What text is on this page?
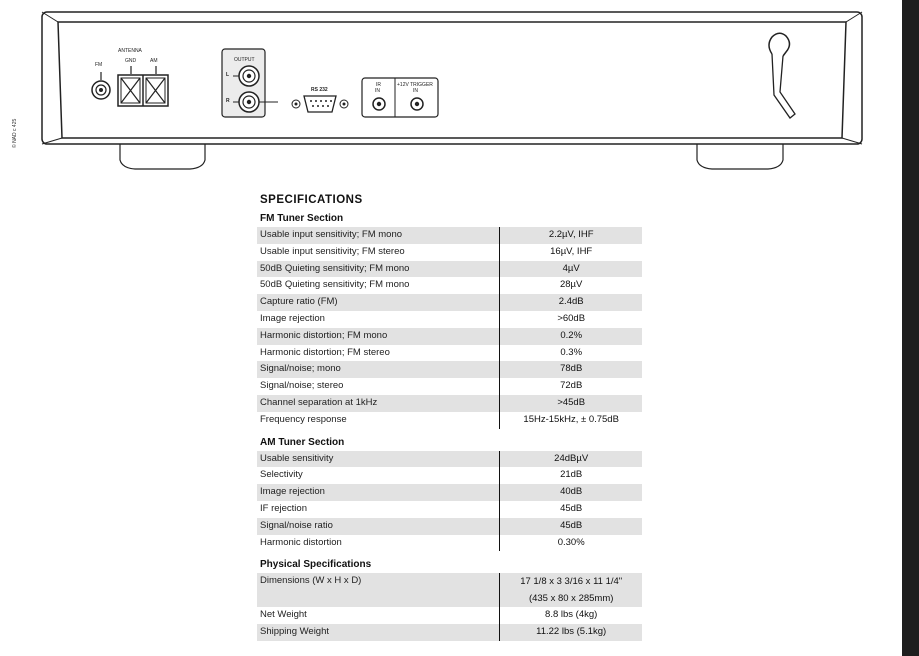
© NAD c 425
FM
ANTENNA
GND	AM	OUTPUT
L
R
RS 232
IR
IN
+12V TRIGGER
IN
SPECIFICATIONS
FM Tuner Section
Usable input sensitivity; FM mono	2.2µV, IHF
Usable input sensitivity; FM stereo	16µV, IHF
50dB Quieting sensitivity; FM mono	4µV
50dB Quieting sensitivity; FM mono	28µV
Capture ratio (FM)	2.4dB
Image rejection	>60dB
Harmonic distortion; FM mono	0.2%
Harmonic distortion; FM stereo	0.3%
Signal/noise; mono	78dB
Signal/noise; stereo	72dB
Channel separation at 1kHz	>45dB
Frequency response	15Hz-15kHz, ± 0.75dB
AM Tuner Section
Usable sensitivity	24dBµV
Selectivity	21dB
Image rejection	40dB
IF rejection	45dB
Signal/noise ratio	45dB
Harmonic distortion	0.30%
Physical Specifications
Dimensions (W x H x D)	17 1/8 x 3 3/16 x 11 1/4"
(435 x 80 x 285mm)

Net Weight	8.8 lbs (4kg)
Shipping Weight	11.22 lbs (5.1kg)
